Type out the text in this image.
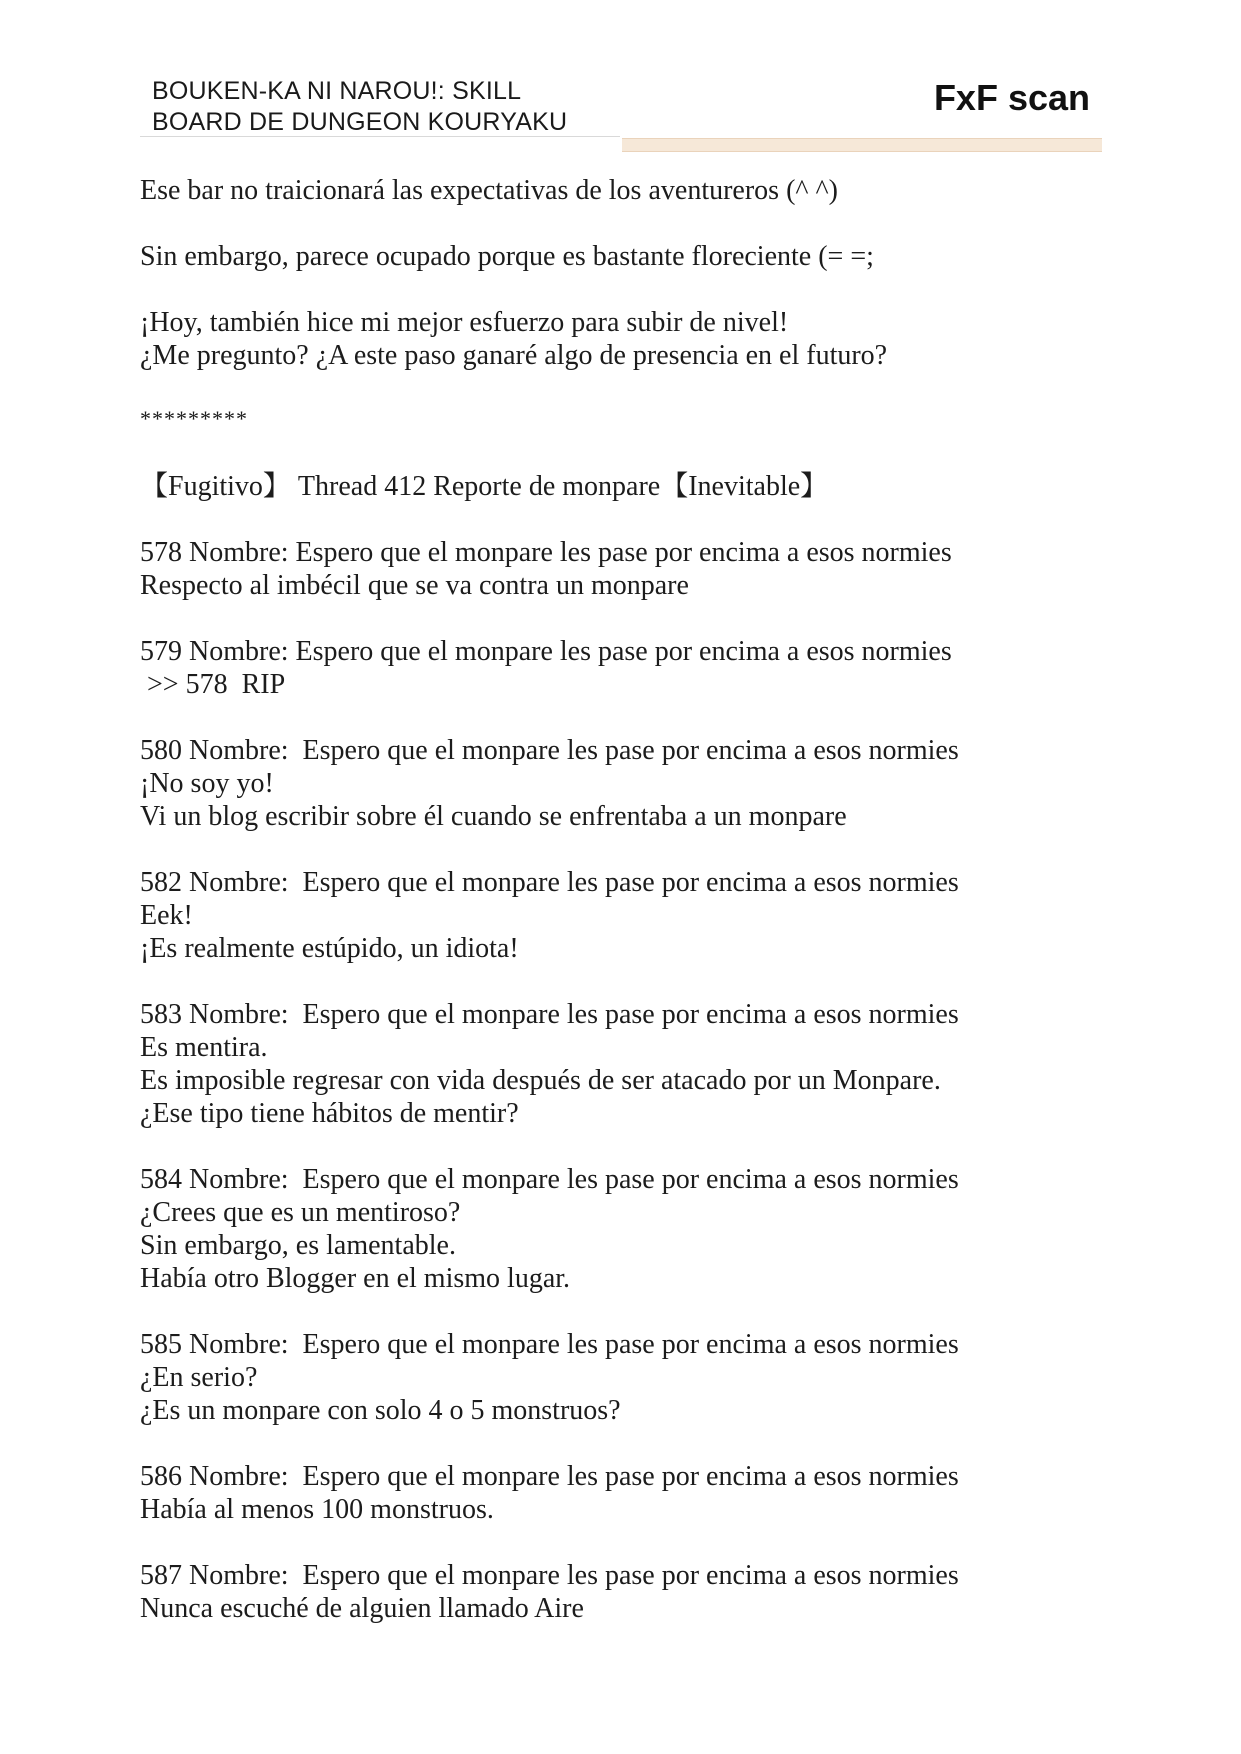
BOUKEN-KA NI NAROU!: SKILL
BOARD DE DUNGEON KOURYAKU
FxF scan

Ese bar no traicionará las expectativas de los aventureros (^ ^)

Sin embargo, parece ocupado porque es bastante floreciente (= =;

¡Hoy, también hice mi mejor esfuerzo para subir de nivel!

¿Me pregunto? ¿A este paso ganaré algo de presencia en el futuro?

*********
【Fugitivo】 Thread 412 Reporte de monpare【Inevitable】

578 Nombre: Espero que el monpare les pase por encima a esos normies

Respecto al imbécil que se va contra un monpare

579 Nombre: Espero que el monpare les pase por encima a esos normies

>> 578  RIP

580 Nombre:  Espero que el monpare les pase por encima a esos normies

¡No soy yo!

Vi un blog escribir sobre él cuando se enfrentaba a un monpare

582 Nombre:  Espero que el monpare les pase por encima a esos normies

Eek!

¡Es realmente estúpido, un idiota!

583 Nombre:  Espero que el monpare les pase por encima a esos normies

Es mentira.

Es imposible regresar con vida después de ser atacado por un Monpare.

¿Ese tipo tiene hábitos de mentir?

584 Nombre:  Espero que el monpare les pase por encima a esos normies

¿Crees que es un mentiroso?

Sin embargo, es lamentable.

Había otro Blogger en el mismo lugar.

585 Nombre:  Espero que el monpare les pase por encima a esos normies

¿En serio?

¿Es un monpare con solo 4 o 5 monstruos?

586 Nombre:  Espero que el monpare les pase por encima a esos normies

Había al menos 100 monstruos.

587 Nombre:  Espero que el monpare les pase por encima a esos normies

Nunca escuché de alguien llamado Aire
